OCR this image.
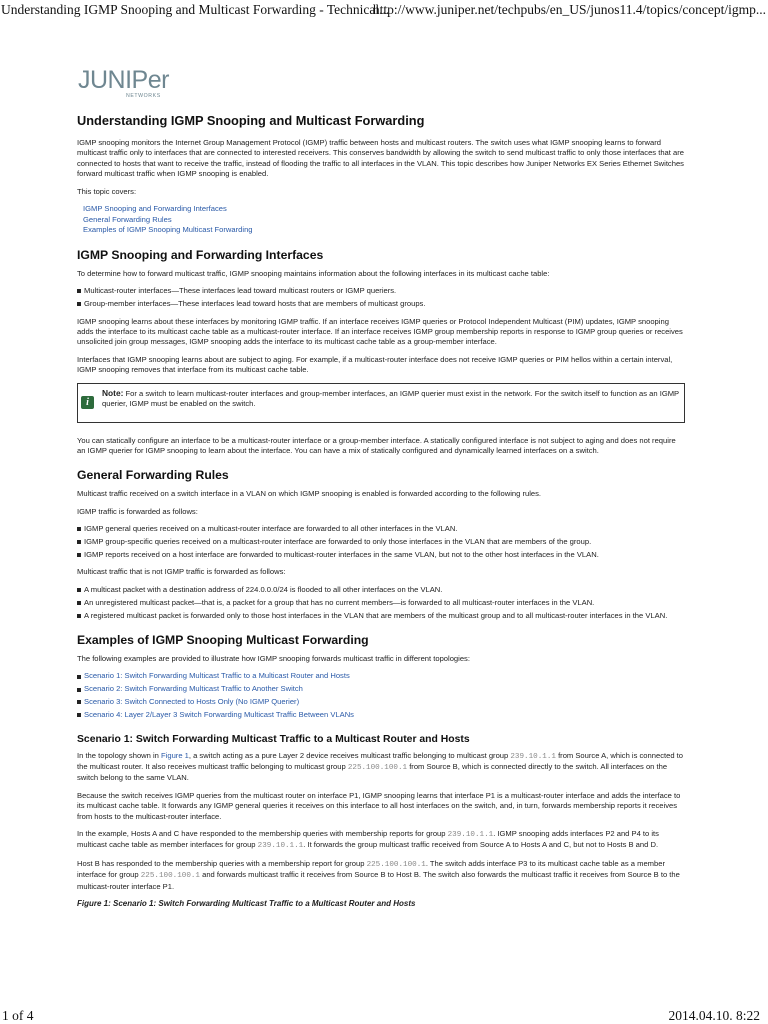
Understanding IGMP Snooping and Multicast Forwarding - Technical...
http://www.juniper.net/techpubs/en_US/junos11.4/topics/concept/igmp...
JUNIPer
NETWORKS
Understanding IGMP Snooping and Multicast Forwarding

IGMP snooping monitors the Internet Group Management Protocol (IGMP) traffic between hosts and multicast routers. The switch uses what IGMP snooping learns to forward multicast traffic only to interfaces that are connected to interested receivers. This conserves bandwidth by allowing the switch to send multicast traffic to only those interfaces that are connected to hosts that want to receive the traffic, instead of flooding the traffic to all interfaces in the VLAN. This topic describes how Juniper Networks EX Series Ethernet Switches forward multicast traffic when IGMP snooping is enabled.

This topic covers:

IGMP Snooping and Forwarding Interfaces
General Forwarding Rules
Examples of IGMP Snooping Multicast Forwarding
IGMP Snooping and Forwarding Interfaces

To determine how to forward multicast traffic, IGMP snooping maintains information about the following interfaces in its multicast cache table:

Multicast-router interfaces—These interfaces lead toward multicast routers or IGMP queriers.
Group-member interfaces—These interfaces lead toward hosts that are members of multicast groups.

IGMP snooping learns about these interfaces by monitoring IGMP traffic. If an interface receives IGMP queries or Protocol Independent Multicast (PIM) updates, IGMP snooping adds the interface to its multicast cache table as a multicast-router interface. If an interface receives IGMP group membership reports in response to IGMP group queries or receives unsolicited join group messages, IGMP snooping adds the interface to its multicast cache table as a group-member interface.

Interfaces that IGMP snooping learns about are subject to aging. For example, if a multicast-router interface does not receive IGMP queries or PIM hellos within a certain interval, IGMP snooping removes that interface from its multicast cache table.

i
Note: For a switch to learn multicast-router interfaces and group-member interfaces, an IGMP querier must exist in the network. For the switch itself to function as an IGMP querier, IGMP must be enabled on the switch.

You can statically configure an interface to be a multicast-router interface or a group-member interface. A statically configured interface is not subject to aging and does not require an IGMP querier for IGMP snooping to learn about the interface. You can have a mix of statically configured and dynamically learned interfaces on a switch.

General Forwarding Rules

Multicast traffic received on a switch interface in a VLAN on which IGMP snooping is enabled is forwarded according to the following rules.

IGMP traffic is forwarded as follows:

IGMP general queries received on a multicast-router interface are forwarded to all other interfaces in the VLAN.
IGMP group-specific queries received on a multicast-router interface are forwarded to only those interfaces in the VLAN that are members of the group.
IGMP reports received on a host interface are forwarded to multicast-router interfaces in the same VLAN, but not to the other host interfaces in the VLAN.

Multicast traffic that is not IGMP traffic is forwarded as follows:

A multicast packet with a destination address of 224.0.0.0/24 is flooded to all other interfaces on the VLAN.
An unregistered multicast packet—that is, a packet for a group that has no current members—is forwarded to all multicast-router interfaces in the VLAN.
A registered multicast packet is forwarded only to those host interfaces in the VLAN that are members of the multicast group and to all multicast-router interfaces in the VLAN.
Examples of IGMP Snooping Multicast Forwarding

The following examples are provided to illustrate how IGMP snooping forwards multicast traffic in different topologies:

Scenario 1: Switch Forwarding Multicast Traffic to a Multicast Router and Hosts
Scenario 2: Switch Forwarding Multicast Traffic to Another Switch
Scenario 3: Switch Connected to Hosts Only (No IGMP Querier)
Scenario 4: Layer 2/Layer 3 Switch Forwarding Multicast Traffic Between VLANs
Scenario 1: Switch Forwarding Multicast Traffic to a Multicast Router and Hosts

In the topology shown in Figure 1, a switch acting as a pure Layer 2 device receives multicast traffic belonging to multicast group 239.10.1.1 from Source A, which is connected to the multicast router. It also receives multicast traffic belonging to multicast group 225.100.100.1 from Source B, which is connected directly to the switch. All interfaces on the switch belong to the same VLAN.

Because the switch receives IGMP queries from the multicast router on interface P1, IGMP snooping learns that interface P1 is a multicast-router interface and adds the interface to its multicast cache table. It forwards any IGMP general queries it receives on this interface to all host interfaces on the switch, and, in turn, forwards membership reports it receives from hosts to the multicast-router interface.

In the example, Hosts A and C have responded to the membership queries with membership reports for group 239.10.1.1. IGMP snooping adds interfaces P2 and P4 to its multicast cache table as member interfaces for group 239.10.1.1. It forwards the group multicast traffic received from Source A to Hosts A and C, but not to Hosts B and D.

Host B has responded to the membership queries with a membership report for group 225.100.100.1. The switch adds interface P3 to its multicast cache table as a member interface for group 225.100.100.1 and forwards multicast traffic it receives from Source B to Host B. The switch also forwards the multicast traffic it receives from Source B to the multicast-router interface P1.

Figure 1: Scenario 1: Switch Forwarding Multicast Traffic to a Multicast Router and Hosts
1 of 4	2014.04.10. 8:22
